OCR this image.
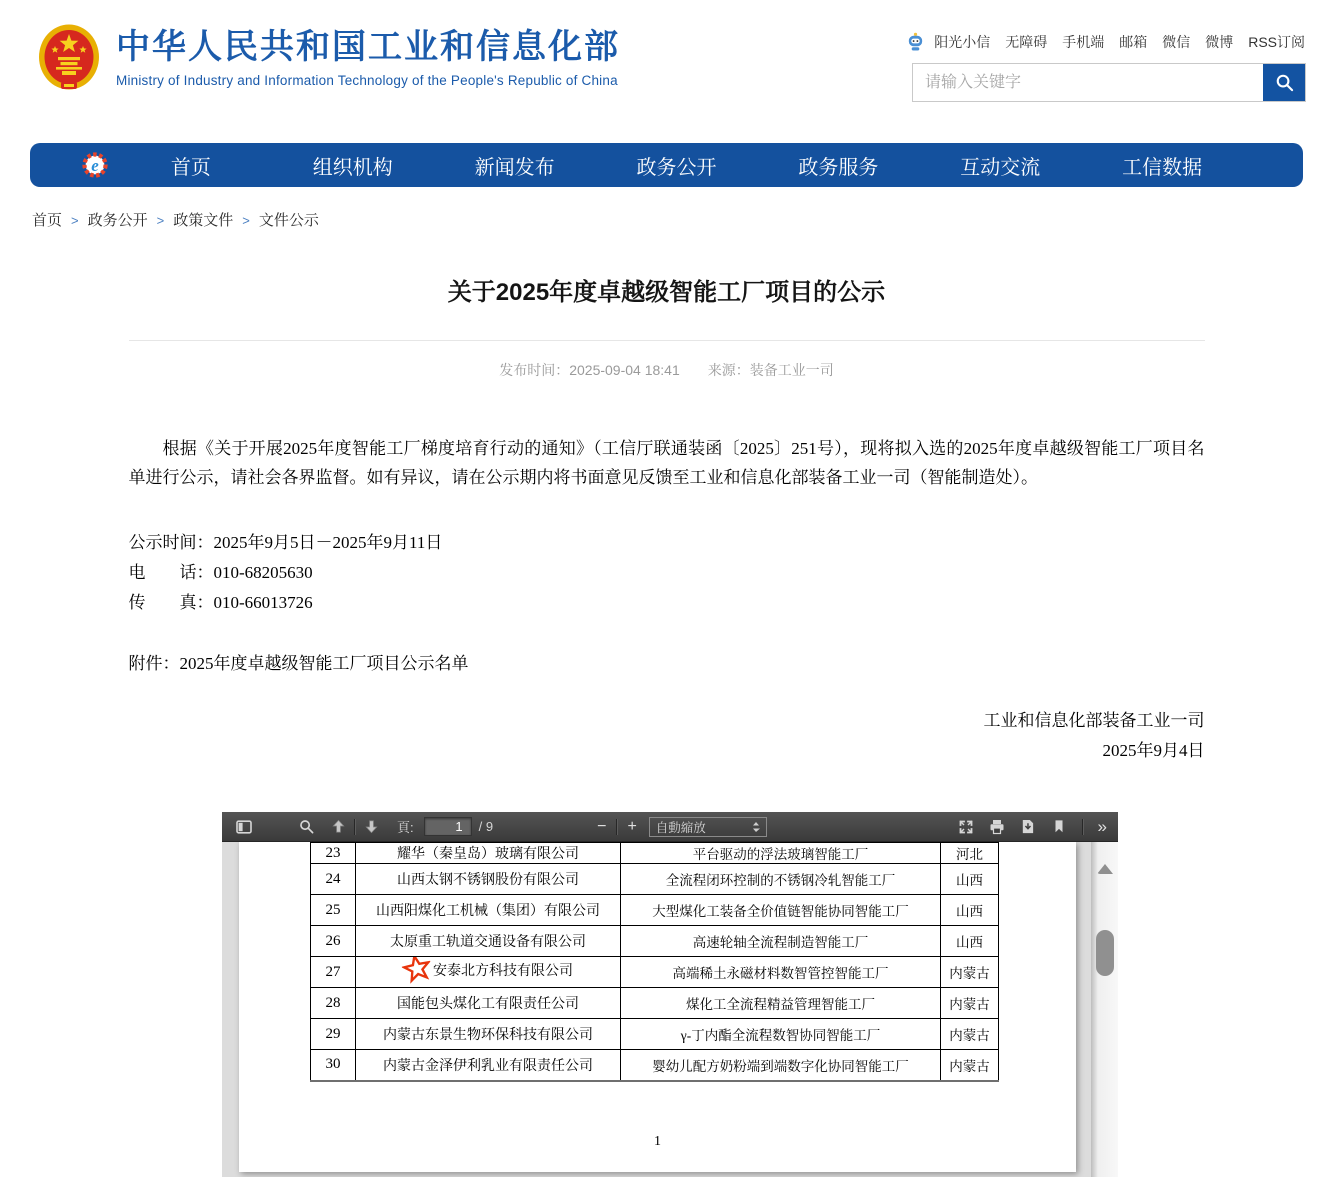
中华人民共和国工业和信息化部
Ministry of Industry and Information Technology of the People's Republic of China
阳光小信 无障碍 手机端 邮箱 微信 微博 RSS订阅
请输入关键字
e	首页	组织机构	新闻发布	政务公开	政务服务	互动交流	工信数据
首页 > 政务公开 > 政策文件 > 文件公示
关于2025年度卓越级智能工厂项目的公示
发布时间：2025-09-04 18:41 来源：装备工业一司

根据《关于开展2025年度智能工厂梯度培育行动的通知》（工信厅联通装函〔2025〕251号），现将拟入选的2025年度卓越级智能工厂项目名单进行公示，请社会各界监督。如有异议，请在公示期内将书面意见反馈至工业和信息化部装备工业一司（智能制造处）。

公示时间：2025年9月5日－2025年9月11日
电　　话：010-68205630
传　　真：010-66013726
附件：2025年度卓越级智能工厂项目公示名单
工业和信息化部装备工业一司
2025年9月4日
頁:
1	/ 9	− + 自動縮放	»
23	耀华（秦皇岛）玻璃有限公司	平台驱动的浮法玻璃智能工厂	河北
24	山西太钢不锈钢股份有限公司	全流程闭环控制的不锈钢冷轧智能工厂	山西
25	山西阳煤化工机械（集团）有限公司	大型煤化工装备全价值链智能协同智能工厂	山西
26	太原重工轨道交通设备有限公司	高速轮轴全流程制造智能工厂	山西
27	安泰北方科技有限公司	高端稀土永磁材料数智管控智能工厂	内蒙古
28	国能包头煤化工有限责任公司	煤化工全流程精益管理智能工厂	内蒙古
29	内蒙古东景生物环保科技有限公司	γ-丁内酯全流程数智协同智能工厂	内蒙古
30	内蒙古金泽伊利乳业有限责任公司	婴幼儿配方奶粉端到端数字化协同智能工厂	内蒙古
1
